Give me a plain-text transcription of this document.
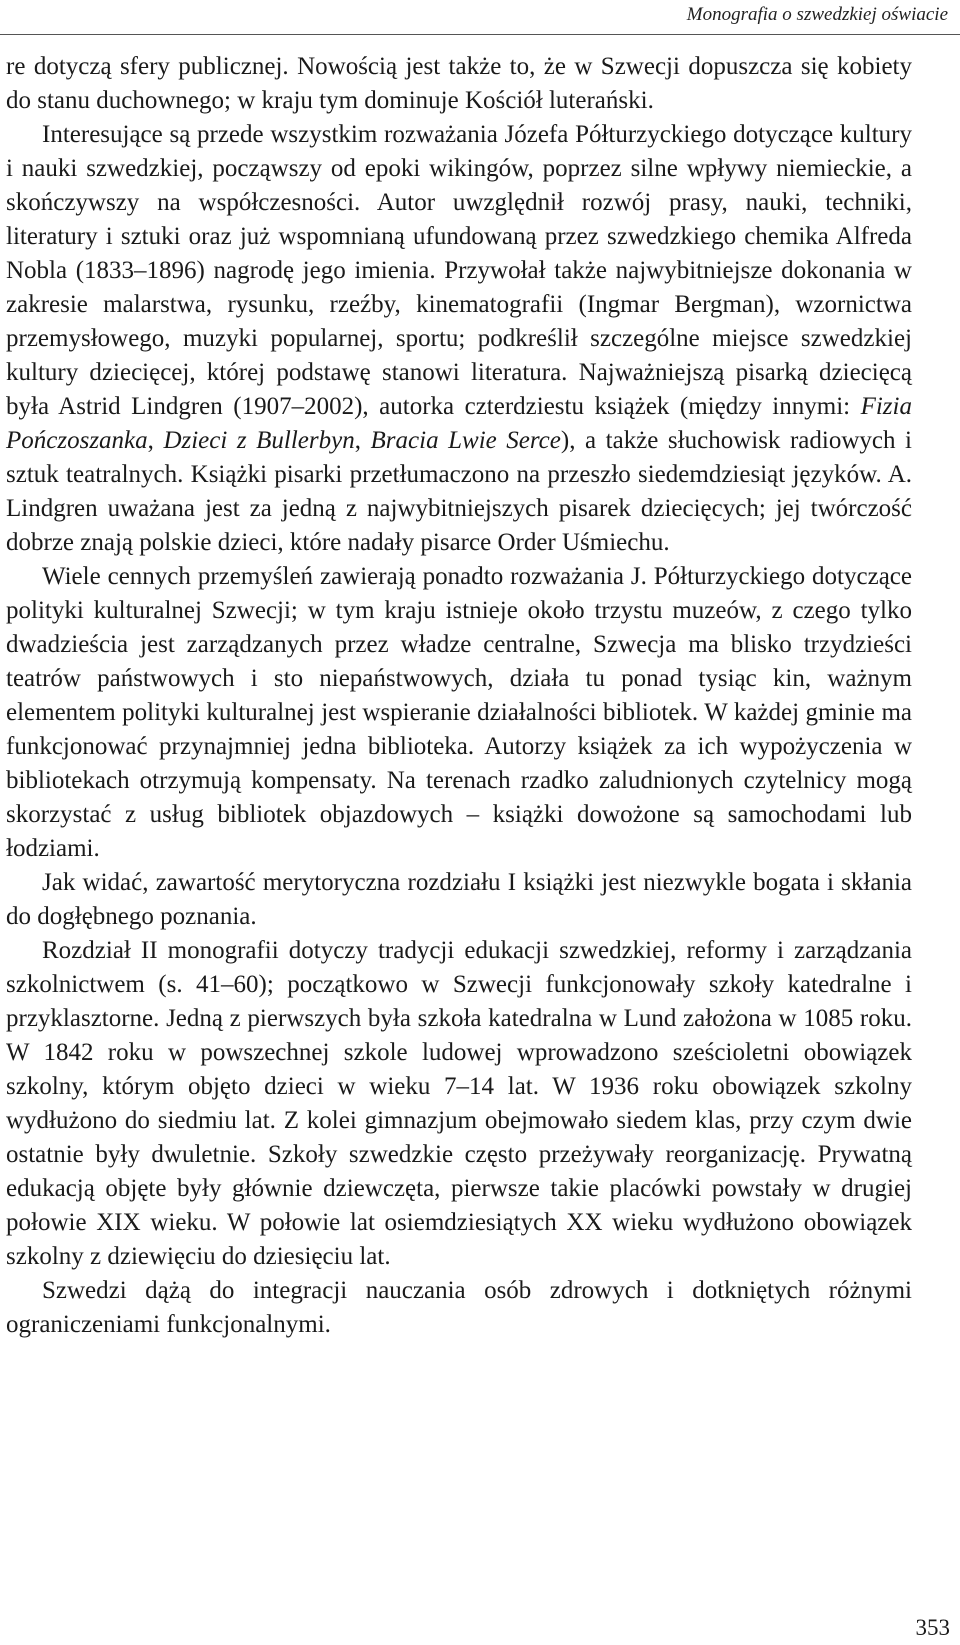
Monografia o szwedzkiej oświacie

re dotyczą sfery publicznej. Nowością jest także to, że w Szwecji dopuszcza się kobiety do stanu duchownego; w kraju tym dominuje Kościół luterański.

Interesujące są przede wszystkim rozważania Józefa Półturzyckiego dotyczące kultury i nauki szwedzkiej, począwszy od epoki wikingów, poprzez silne wpływy niemieckie, a skończywszy na współczesności. Autor uwzględnił rozwój prasy, nauki, techniki, literatury i sztuki oraz już wspomnianą ufundowaną przez szwedzkiego chemika Alfreda Nobla (1833–1896) nagrodę jego imienia. Przywołał także najwybitniejsze dokonania w zakresie malarstwa, rysunku, rzeźby, kinematografii (Ingmar Bergman), wzornictwa przemysłowego, muzyki popularnej, sportu; podkreślił szczególne miejsce szwedzkiej kultury dziecięcej, której podstawę stanowi literatura. Najważniejszą pisarką dziecięcą była Astrid Lindgren (1907–2002), autorka czterdziestu książek (między innymi: Fizia Pończoszanka, Dzieci z Bullerbyn, Bracia Lwie Serce), a także słuchowisk radiowych i sztuk teatralnych. Książki pisarki przetłumaczono na przeszło siedemdziesiąt języków. A. Lindgren uważana jest za jedną z najwybitniejszych pisarek dziecięcych; jej twórczość dobrze znają polskie dzieci, które nadały pisarce Order Uśmiechu.

Wiele cennych przemyśleń zawierają ponadto rozważania J. Półturzyckiego dotyczące polityki kulturalnej Szwecji; w tym kraju istnieje około trzystu muzeów, z czego tylko dwadzieścia jest zarządzanych przez władze centralne, Szwecja ma blisko trzydzieści teatrów państwowych i sto niepaństwowych, działa tu ponad tysiąc kin, ważnym elementem polityki kulturalnej jest wspieranie działalności bibliotek. W każdej gminie ma funkcjonować przynajmniej jedna biblioteka. Autorzy książek za ich wypożyczenia w bibliotekach otrzymują kompensaty. Na terenach rzadko zaludnionych czytelnicy mogą skorzystać z usług bibliotek objazdowych – książki dowożone są samochodami lub łodziami.

Jak widać, zawartość merytoryczna rozdziału I książki jest niezwykle bogata i skłania do dogłębnego poznania.

Rozdział II monografii dotyczy tradycji edukacji szwedzkiej, reformy i zarządzania szkolnictwem (s. 41–60); początkowo w Szwecji funkcjonowały szkoły katedralne i przyklasztorne. Jedną z pierwszych była szkoła katedralna w Lund założona w 1085 roku. W 1842 roku w powszechnej szkole ludowej wprowadzono sześcioletni obowiązek szkolny, którym objęto dzieci w wieku 7–14 lat. W 1936 roku obowiązek szkolny wydłużono do siedmiu lat. Z kolei gimnazjum obejmowało siedem klas, przy czym dwie ostatnie były dwuletnie. Szkoły szwedzkie często przeżywały reorganizację. Prywatną edukacją objęte były głównie dziewczęta, pierwsze takie placówki powstały w drugiej połowie XIX wieku. W połowie lat osiemdziesiątych XX wieku wydłużono obowiązek szkolny z dziewięciu do dziesięciu lat.

Szwedzi dążą do integracji nauczania osób zdrowych i dotkniętych różnymi ograniczeniami funkcjonalnymi.

353
